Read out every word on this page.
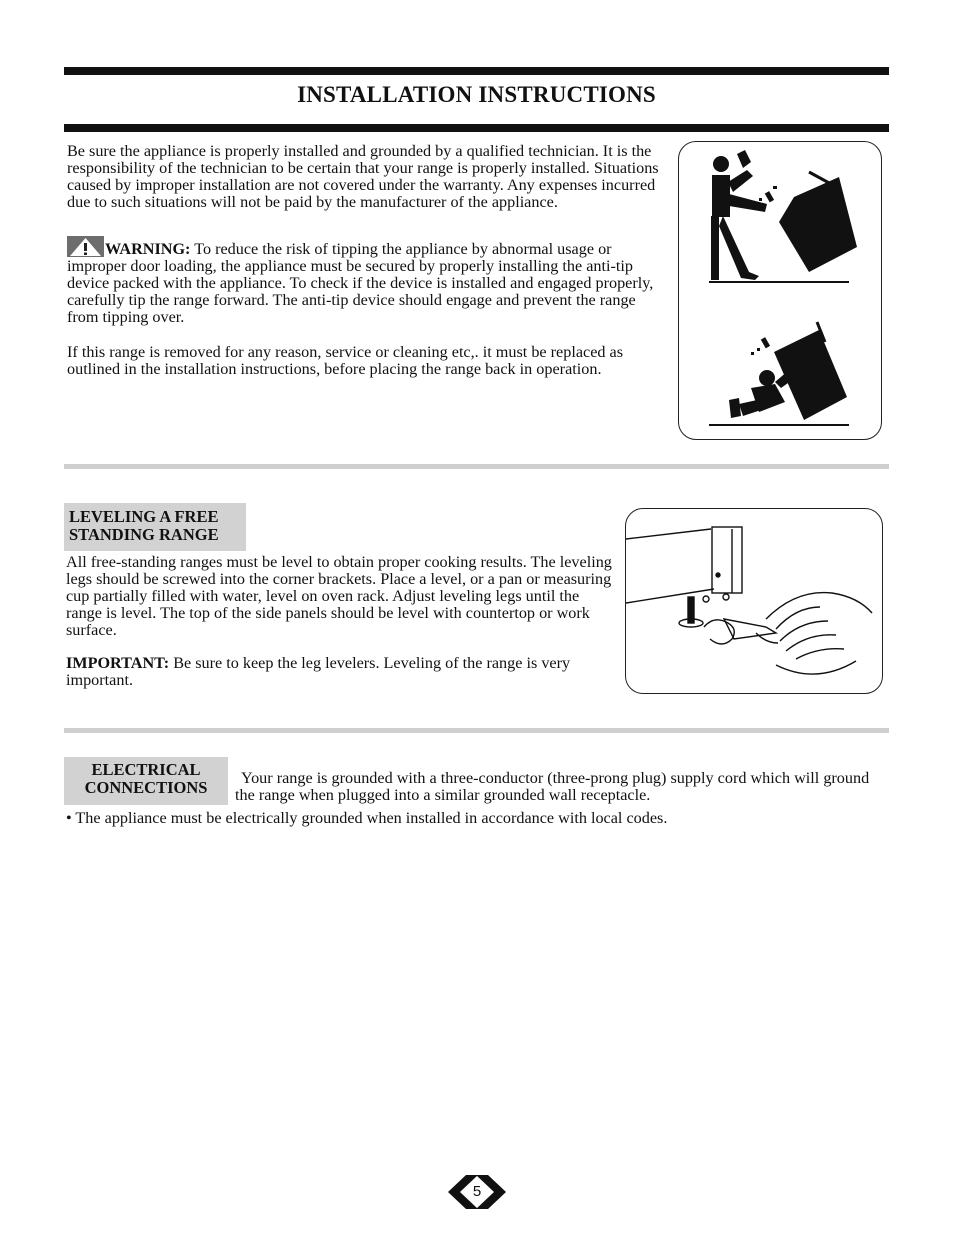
INSTALLATION INSTRUCTIONS

Be sure the appliance is properly installed and grounded by a qualified technician. It is the responsibility of the technician to be certain that your range is properly installed. Situations caused by improper installation are not covered under the warranty. Any expenses incurred due to such situations will not be paid by the manufacturer of the appliance.

WARNING: To reduce the risk of tipping the appliance by abnormal usage or improper door loading, the appliance must be secured by properly installing the anti-tip device packed with the appliance. To check if the device is installed and engaged properly, carefully tip the range forward. The anti-tip device should engage and prevent the range from tipping over.

If this range is removed for any reason, service or cleaning etc,. it must be replaced as outlined in the installation instructions, before placing the range back in operation.

LEVELING A FREE
STANDING RANGE

All free-standing ranges must be level to obtain proper cooking results. The leveling legs should be screwed into the corner brackets. Place a level, or a pan or measuring cup partially filled with water, level on oven rack. Adjust leveling legs until the range is level. The top of the side panels should be level with countertop or work surface.

IMPORTANT: Be sure to keep the leg levelers. Leveling of the range is very important.

ELECTRICAL
CONNECTIONS	Your range is grounded with a three-conductor (three-prong plug) supply cord which will ground the range when plugged into a similar grounded wall receptacle.

• The appliance must be electrically grounded when installed in accordance with local codes.

5
